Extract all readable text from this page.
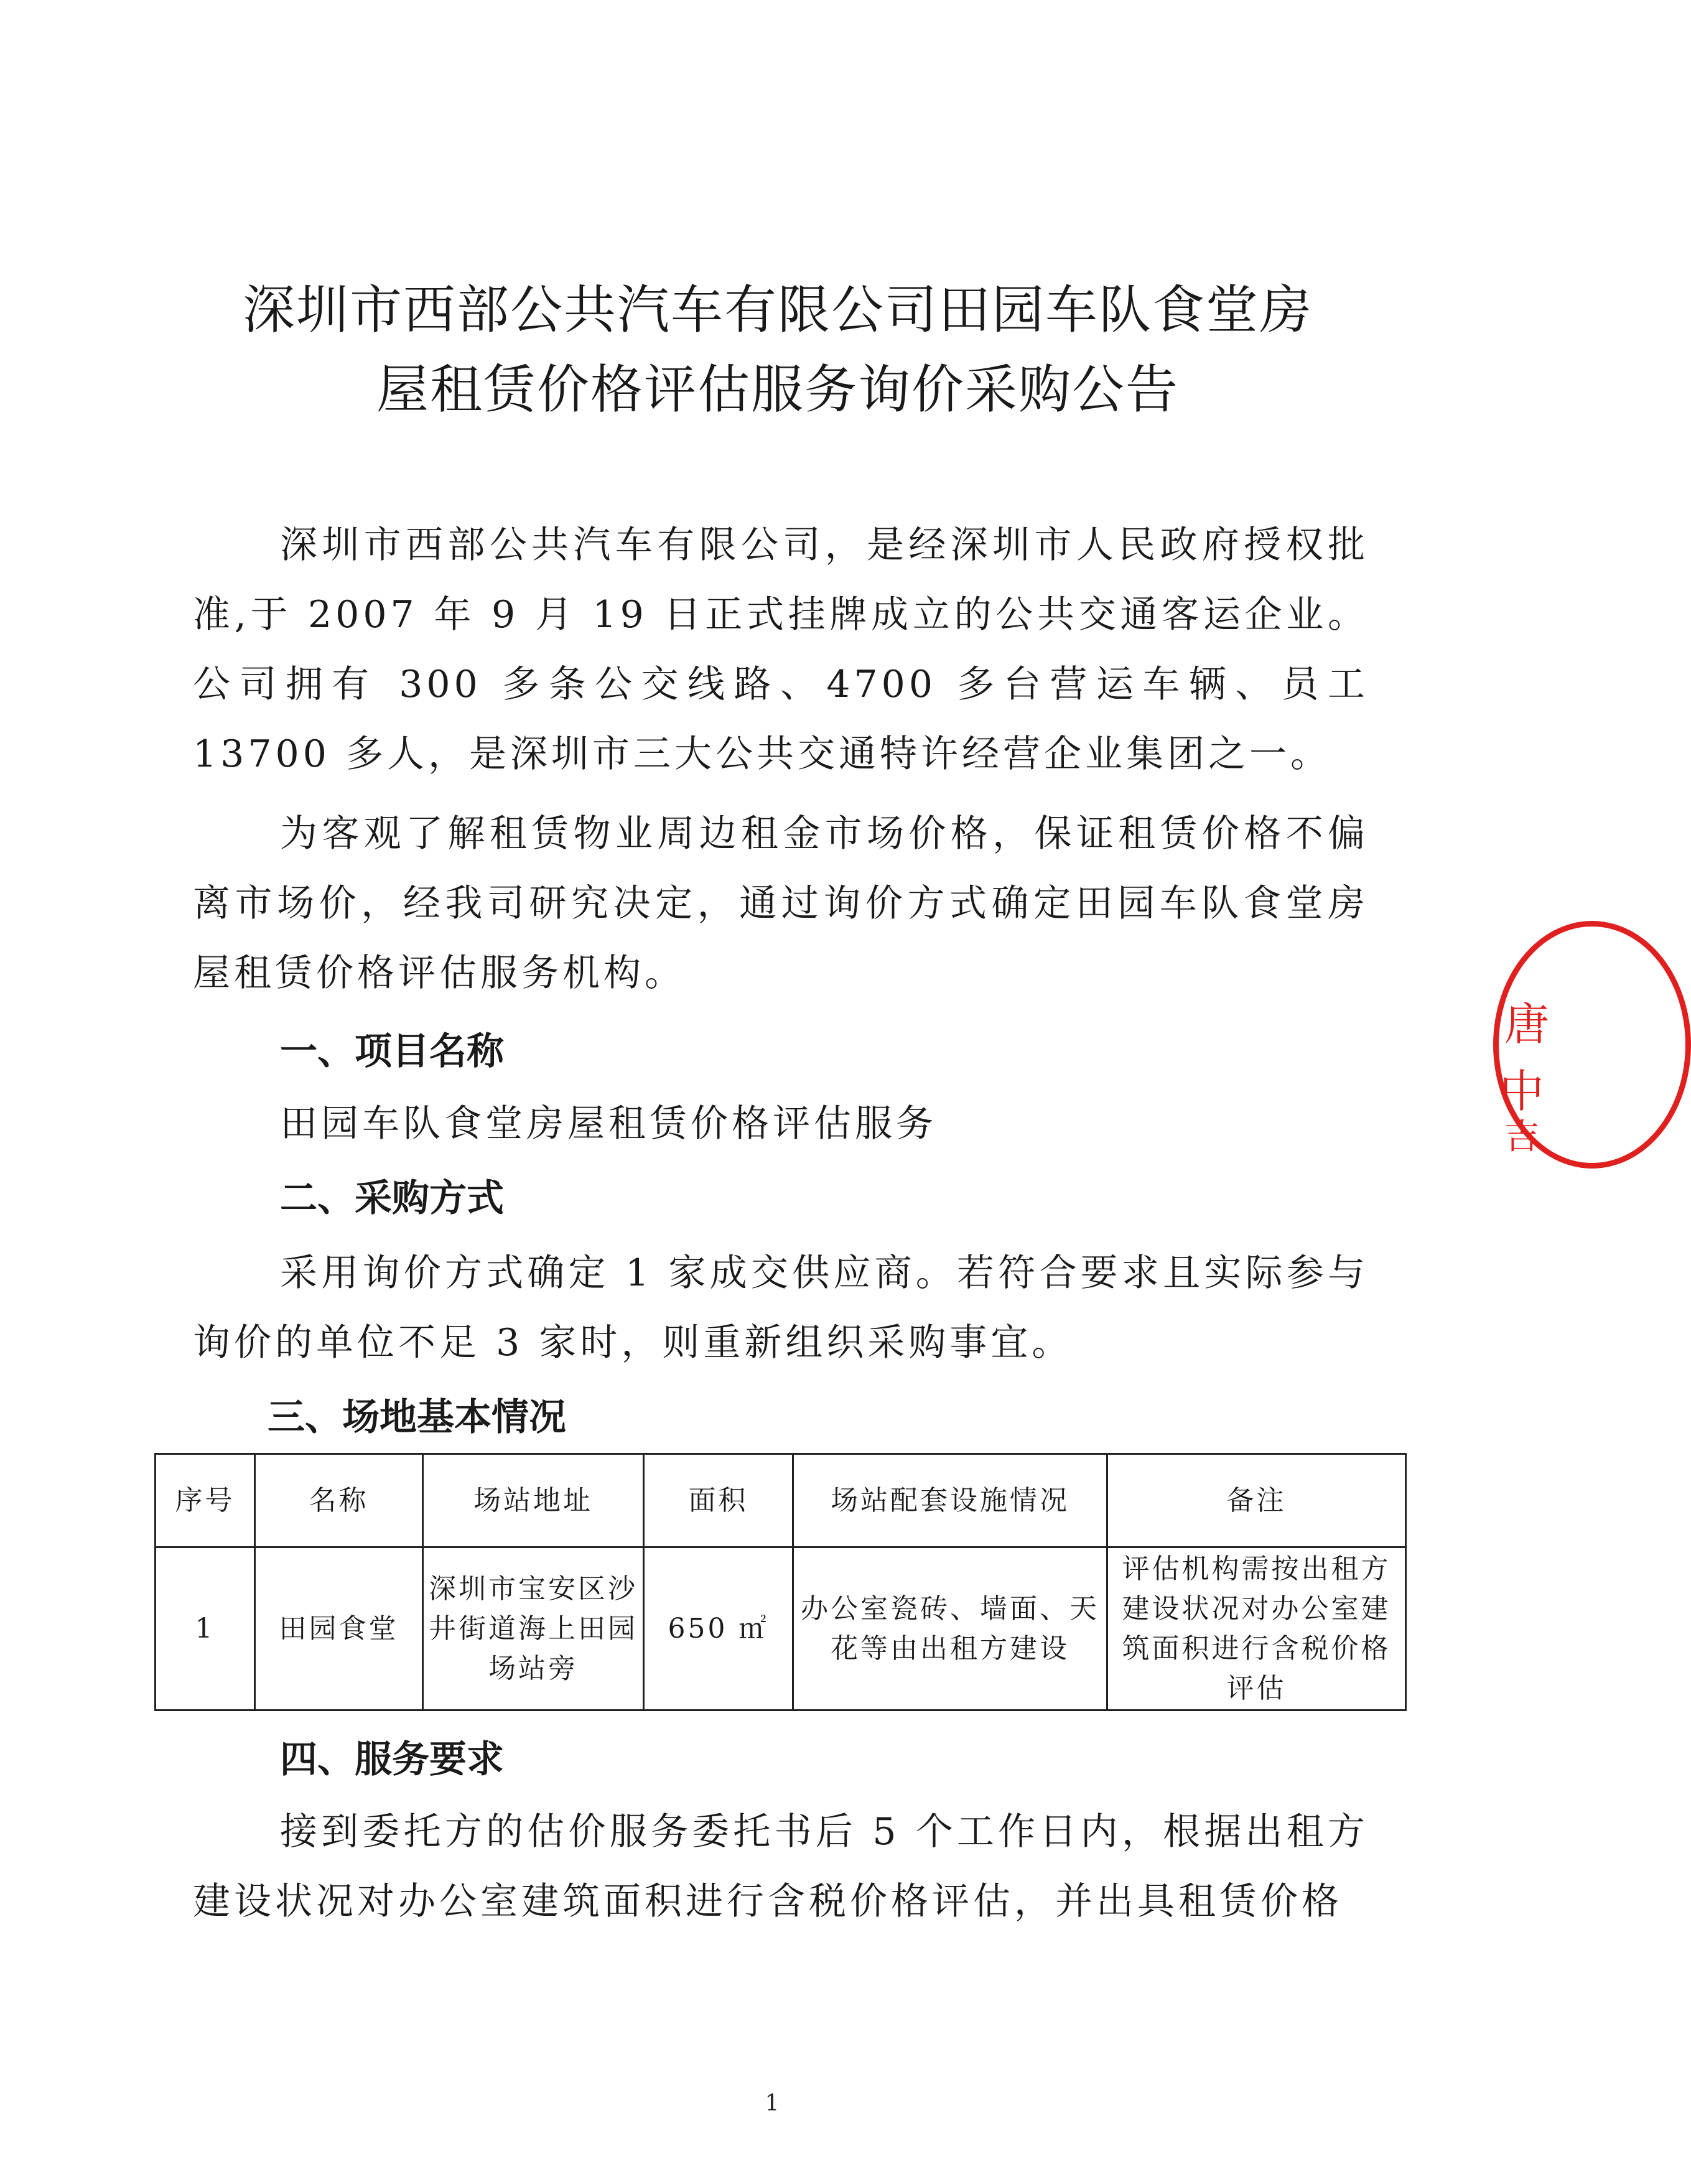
深圳市西部公共汽车有限公司田园车队食堂房
屋租赁价格评估服务询价采购公告
深圳市西部公共汽车有限公司，是经深圳市人民政府授权批准,于 2007 年 9 月 19 日正式挂牌成立的公共交通客运企业。公司拥有 300 多条公交线路、4700 多台营运车辆、员工 13700 多人，是深圳市三大公共交通特许经营企业集团之一。
为客观了解租赁物业周边租金市场价格，保证租赁价格不偏离市场价，经我司研究决定，通过询价方式确定田园车队食堂房屋租赁价格评估服务机构。
一、项目名称
田园车队食堂房屋租赁价格评估服务
二、采购方式
采用询价方式确定 1 家成交供应商。若符合要求且实际参与询价的单位不足 3 家时，则重新组织采购事宜。
三、场地基本情况
序号	名称	场站地址	面积	场站配套设施情况	备注
1	田园食堂	深圳市宝安区沙井街道海上田园场站旁	650 ㎡	办公室瓷砖、墙面、天花等由出租方建设	评估机构需按出租方建设状况对办公室建筑面积进行含税价格评估
四、服务要求
接到委托方的估价服务委托书后 5 个工作日内，根据出租方建设状况对办公室建筑面积进行含税价格评估，并出具租赁价格
1
唐
中
吉
